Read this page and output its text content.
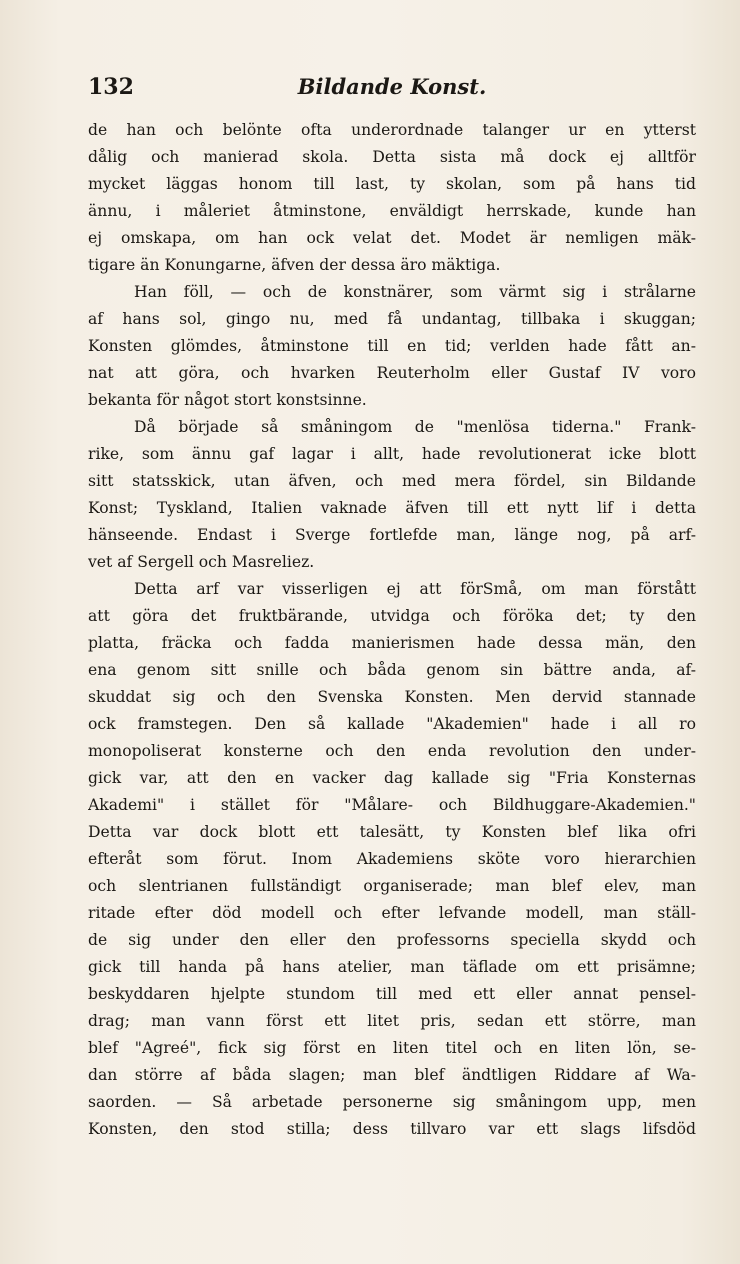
132	Bildande Konst.
de han och belönte ofta underordnade talanger ur en ytterst
dålig och manierad skola. Detta sista må dock ej alltför
mycket läggas honom till last, ty skolan, som på hans tid
ännu, i måleriet åtminstone, enväldigt herrskade, kunde han
ej omskapa, om han ock velat det. Modet är nemligen mäk-
tigare än Konungarne, äfven der dessa äro mäktiga.
Han föll, — och de konstnärer, som värmt sig i strålarne
af hans sol, gingo nu, med få undantag, tillbaka i skuggan;
Konsten glömdes, åtminstone till en tid; verlden hade fått an-
nat att göra, och hvarken Reuterholm eller Gustaf IV voro
bekanta för något stort konstsinne.
Då började så småningom de "menlösa tiderna." Frank-
rike, som ännu gaf lagar i allt, hade revolutionerat icke blott
sitt statsskick, utan äfven, och med mera fördel, sin Bildande
Konst; Tyskland, Italien vaknade äfven till ett nytt lif i detta
hänseende. Endast i Sverge fortlefde man, länge nog, på arf-
vet af Sergell och Masreliez.
Detta arf var visserligen ej att förSmå, om man förstått
att göra det fruktbärande, utvidga och föröka det; ty den
platta, fräcka och fadda manierismen hade dessa män, den
ena genom sitt snille och båda genom sin bättre anda, af-
skuddat sig och den Svenska Konsten. Men dervid stannade
ock framstegen. Den så kallade "Akademien" hade i all ro
monopoliserat konsterne och den enda revolution den under-
gick var, att den en vacker dag kallade sig "Fria Konsternas
Akademi" i stället för "Målare- och Bildhuggare-Akademien."
Detta var dock blott ett talesätt, ty Konsten blef lika ofri
efteråt som förut. Inom Akademiens sköte voro hierarchien
och slentrianen fullständigt organiserade; man blef elev, man
ritade efter död modell och efter lefvande modell, man ställ-
de sig under den eller den professorns speciella skydd och
gick till handa på hans atelier, man täflade om ett prisämne;
beskyddaren hjelpte stundom till med ett eller annat pensel-
drag; man vann först ett litet pris, sedan ett större, man
blef "Agreé", fick sig först en liten titel och en liten lön, se-
dan större af båda slagen; man blef ändtligen Riddare af Wa-
saorden. — Så arbetade personerne sig småningom upp, men
Konsten, den stod stilla; dess tillvaro var ett slags lifsdöd
